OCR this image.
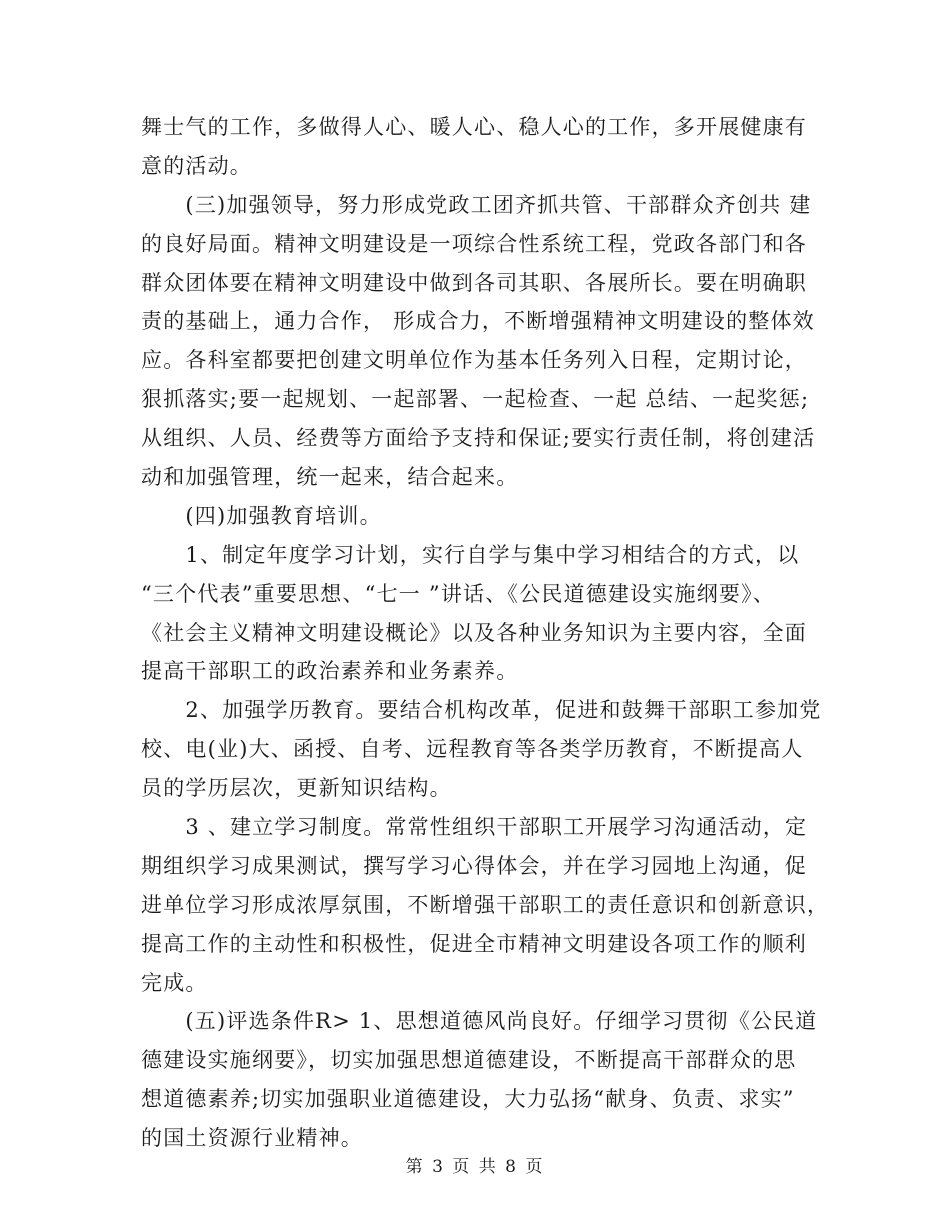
舞士气的工作，多做得人心、暖人心、稳人心的工作，多开展健康有
意的活动。
　　(三)加强领导，努力形成党政工团齐抓共管、干部群众齐创共 建
的良好局面。精神文明建设是一项综合性系统工程，党政各部门和各
群众团体要在精神文明建设中做到各司其职、各展所长。要在明确职
责的基础上，通力合作， 形成合力，不断增强精神文明建设的整体效
应。各科室都要把创建文明单位作为基本任务列入日程，定期讨论，
狠抓落实;要一起规划、一起部署、一起检查、一起 总结、一起奖惩;
从组织、人员、经费等方面给予支持和保证;要实行责任制，将创建活
动和加强管理，统一起来，结合起来。
　　(四)加强教育培训。
　　1、制定年度学习计划，实行自学与集中学习相结合的方式，以
“三个代表”重要思想、“七一 ”讲话、《公民道德建设实施纲要》、
《社会主义精神文明建设概论》以及各种业务知识为主要内容，全面
提高干部职工的政治素养和业务素养。
　　2、加强学历教育。要结合机构改革，促进和鼓舞干部职工参加党
校、电(业)大、函授、自考、远程教育等各类学历教育，不断提高人
员的学历层次，更新知识结构。
　　3 、建立学习制度。常常性组织干部职工开展学习沟通活动，定
期组织学习成果测试，撰写学习心得体会，并在学习园地上沟通，促
进单位学习形成浓厚氛围，不断增强干部职工的责任意识和创新意识，
提高工作的主动性和积极性，促进全市精神文明建设各项工作的顺利
完成。
　　(五)评选条件R> 1、思想道德风尚良好。仔细学习贯彻《公民道
德建设实施纲要》，切实加强思想道德建设，不断提高干部群众的思
想道德素养;切实加强职业道德建设，大力弘扬“献身、负责、求实”
的国土资源行业精神。
第 3 页 共 8 页
